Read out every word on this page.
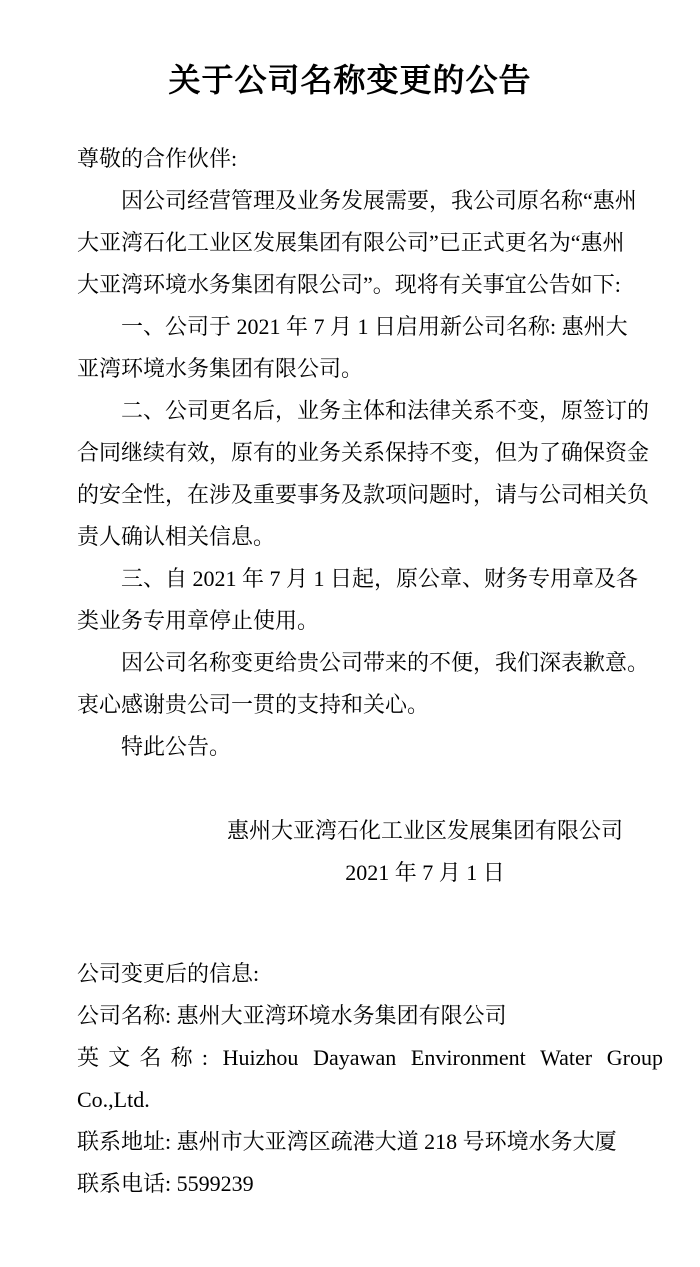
关于公司名称变更的公告
尊敬的合作伙伴:
因公司经营管理及业务发展需要，我公司原名称“惠州
大亚湾石化工业区发展集团有限公司”已正式更名为“惠州
大亚湾环境水务集团有限公司”。现将有关事宜公告如下:
一、公司于 2021 年 7 月 1 日启用新公司名称: 惠州大
亚湾环境水务集团有限公司。
二、公司更名后，业务主体和法律关系不变，原签订的
合同继续有效，原有的业务关系保持不变，但为了确保资金
的安全性，在涉及重要事务及款项问题时，请与公司相关负
责人确认相关信息。
三、自 2021 年 7 月 1 日起，原公章、财务专用章及各
类业务专用章停止使用。
因公司名称变更给贵公司带来的不便，我们深表歉意。
衷心感谢贵公司一贯的支持和关心。
特此公告。
惠州大亚湾石化工业区发展集团有限公司
2021 年 7 月 1 日
公司变更后的信息:
公司名称: 惠州大亚湾环境水务集团有限公司
英文名称: Huizhou Dayawan Environment Water Group
Co.,Ltd.
联系地址: 惠州市大亚湾区疏港大道 218 号环境水务大厦
联系电话: 5599239
